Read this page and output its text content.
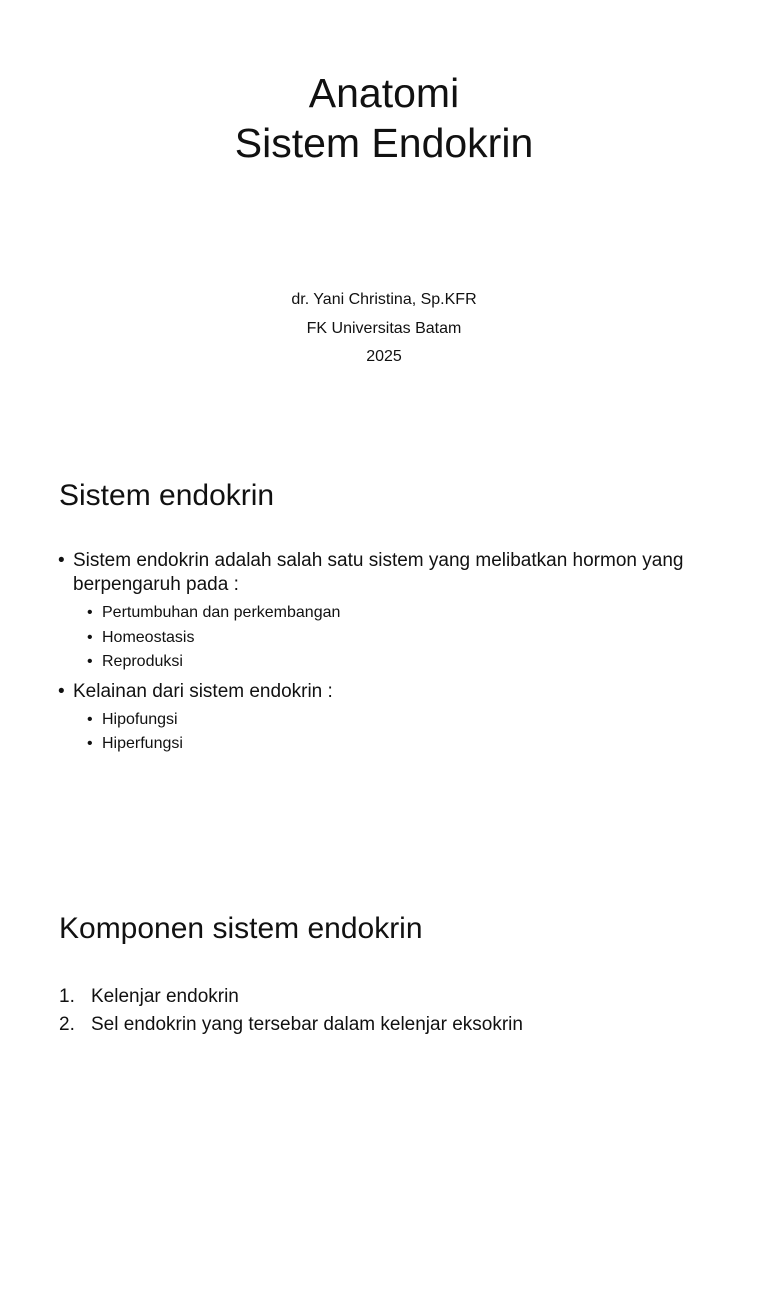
Anatomi
Sistem Endokrin
dr. Yani Christina, Sp.KFR
FK Universitas Batam
2025
Sistem endokrin
• Sistem endokrin adalah salah satu sistem yang melibatkan hormon yang berpengaruh pada :
• Pertumbuhan dan perkembangan
• Homeostasis
• Reproduksi
• Kelainan dari sistem endokrin :
• Hipofungsi
• Hiperfungsi
Komponen sistem endokrin
1. Kelenjar endokrin
2. Sel endokrin yang tersebar dalam kelenjar eksokrin
